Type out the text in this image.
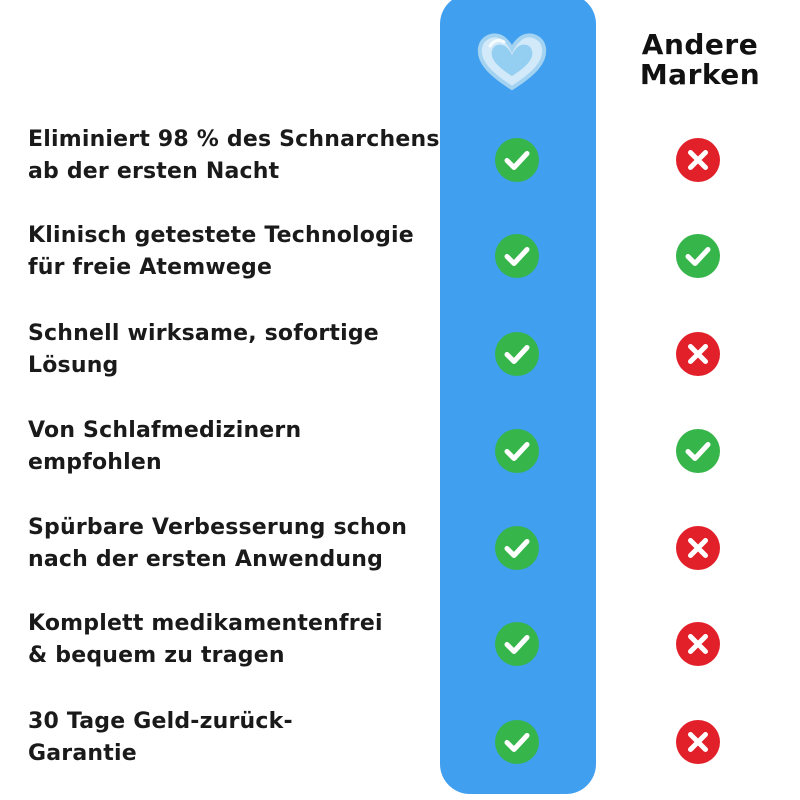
Andere
Marken
Eliminiert 98 % des Schnarchens
ab der ersten Nacht
Klinisch getestete Technologie
für freie Atemwege
Schnell wirksame, sofortige
Lösung
Von Schlafmedizinern
empfohlen
Spürbare Verbesserung schon
nach der ersten Anwendung
Komplett medikamentenfrei
& bequem zu tragen
30 Tage Geld-zurück-
Garantie
